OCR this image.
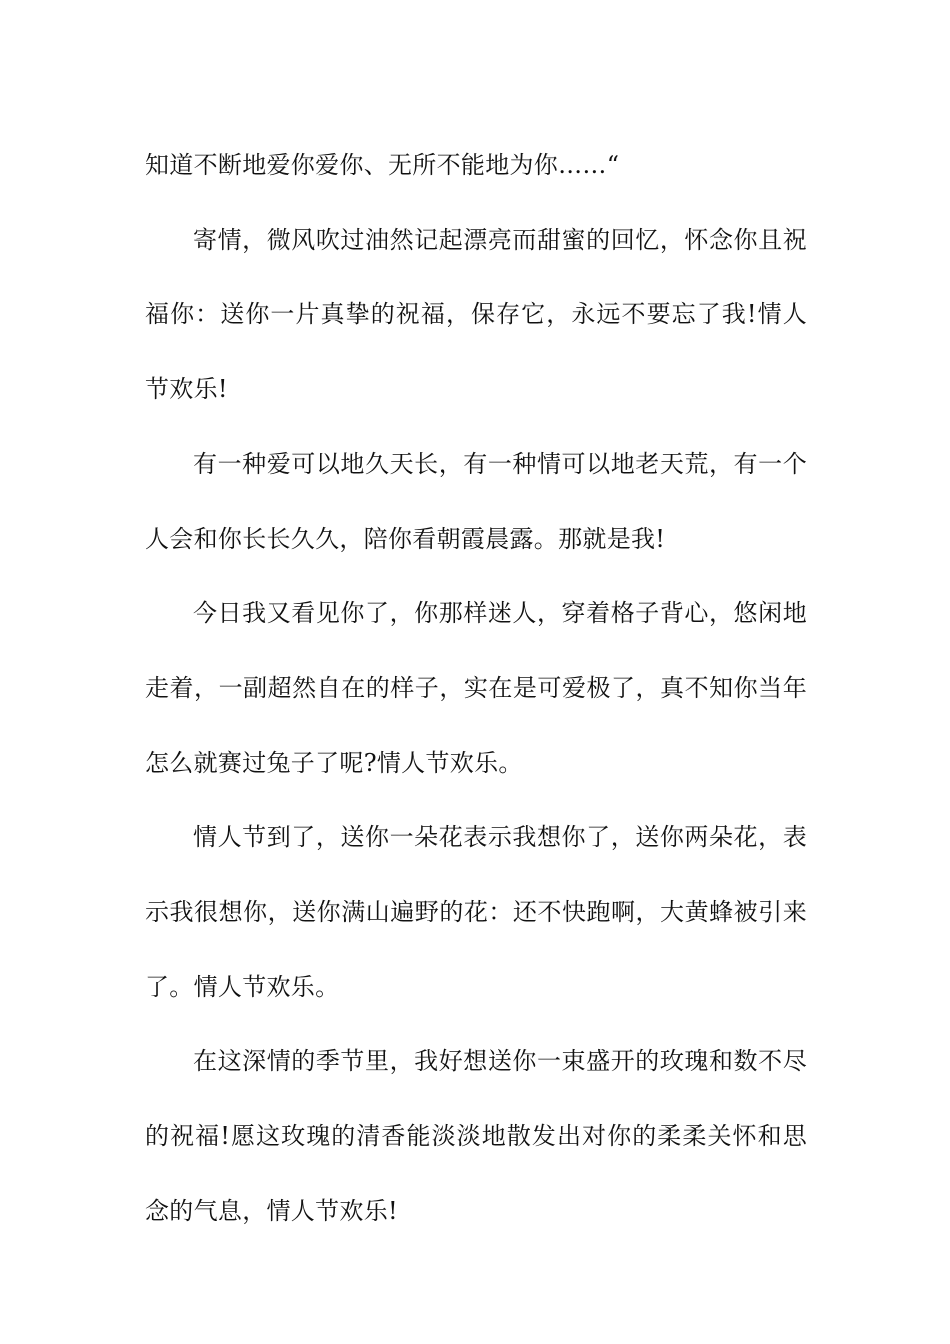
知道不断地爱你爱你、无所不能地为你……“

寄情，微风吹过油然记起漂亮而甜蜜的回忆，怀念你且祝福你：送你一片真挚的祝福，保存它，永远不要忘了我!情人节欢乐!

有一种爱可以地久天长，有一种情可以地老天荒，有一个人会和你长长久久，陪你看朝霞晨露。那就是我!

今日我又看见你了，你那样迷人，穿着格子背心，悠闲地走着，一副超然自在的样子，实在是可爱极了，真不知你当年怎么就赛过兔子了呢?情人节欢乐。

情人节到了，送你一朵花表示我想你了，送你两朵花，表示我很想你，送你满山遍野的花：还不快跑啊，大黄蜂被引来了。情人节欢乐。

在这深情的季节里，我好想送你一束盛开的玫瑰和数不尽的祝福!愿这玫瑰的清香能淡淡地散发出对你的柔柔关怀和思念的气息，情人节欢乐!
